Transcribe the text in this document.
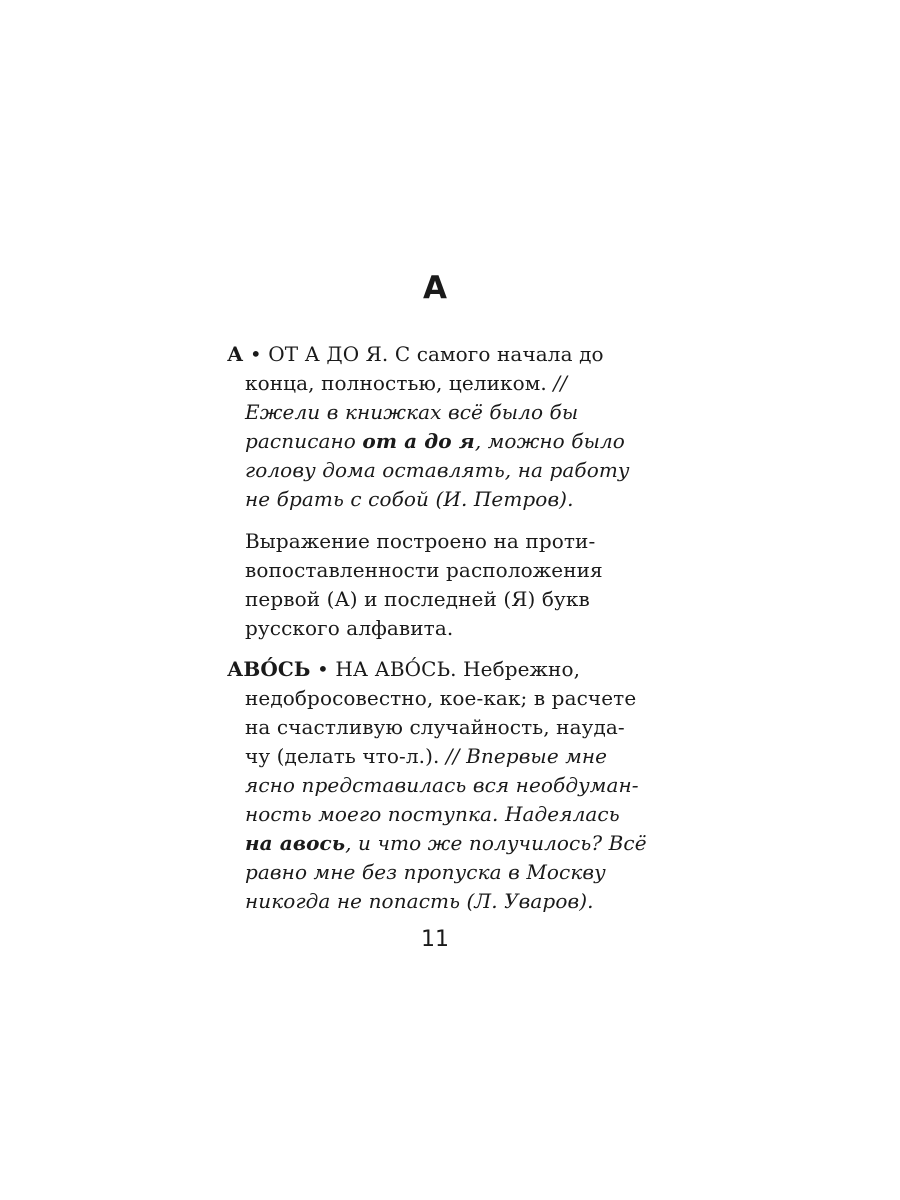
А
А • ОТ А ДО Я. С самого начала до
конца, полностью, целиком. //
Ежели в книжках всё было бы
расписано от а до я, можно было
голову дома оставлять, на работу
не брать с собой (И. Петров).
Выражение построено на проти-
вопоставленности расположения
первой (А) и последней (Я) букв
русского алфавита.
АВО́СЬ • НА АВО́СЬ. Небрежно,
недобросовестно, кое-как; в расчете
на счастливую случайность, науда-
чу (делать что-л.). // Впервые мне
ясно представилась вся необдуман-
ность моего поступка. Надеялась
на авось, и что же получилось? Всё
равно мне без пропуска в Москву
никогда не попасть (Л. Уваров).
11
